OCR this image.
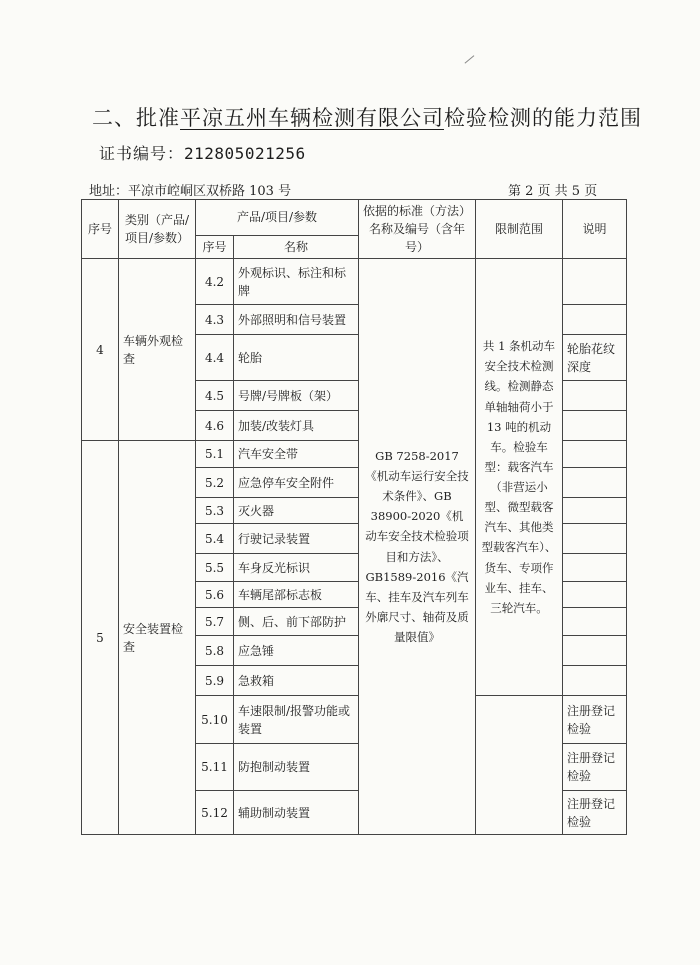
二、批准平凉五州车辆检测有限公司检验检测的能力范围
证书编号：212805021256
地址：平凉市崆峒区双桥路 103 号	第 2 页 共 5 页
序号	类别（产品/项目/参数）	产品/项目/参数		依据的标准（方法）名称及编号（含年号）	限制范围	说明
		序号	名称			
4	车辆外观检查	4.2	外观标识、标注和标牌	GB 7258-2017《机动车运行安全技术条件》、GB 38900-2020《机动车安全技术检验项目和方法》、GB1589-2016《汽车、挂车及汽车列车外廓尺寸、轴荷及质量限值》	共 1 条机动车安全技术检测线。检测静态单轴轴荷小于 13 吨的机动车。检验车型：载客汽车（非营运小型、微型载客汽车、其他类型载客汽车）、货车、专项作业车、挂车、三轮汽车。	
		4.3	外部照明和信号装置			
		4.4	轮胎			轮胎花纹深度
		4.5	号牌/号牌板（架）			
		4.6	加装/改装灯具			
5	安全装置检查	5.1	汽车安全带			
		5.2	应急停车安全附件			
		5.3	灭火器			
		5.4	行驶记录装置			
		5.5	车身反光标识			
		5.6	车辆尾部标志板			
		5.7	侧、后、前下部防护			
		5.8	应急锤			
		5.9	急救箱			
		5.10	车速限制/报警功能或装置			注册登记检验
		5.11	防抱制动装置			注册登记检验
		5.12	辅助制动装置			注册登记检验
